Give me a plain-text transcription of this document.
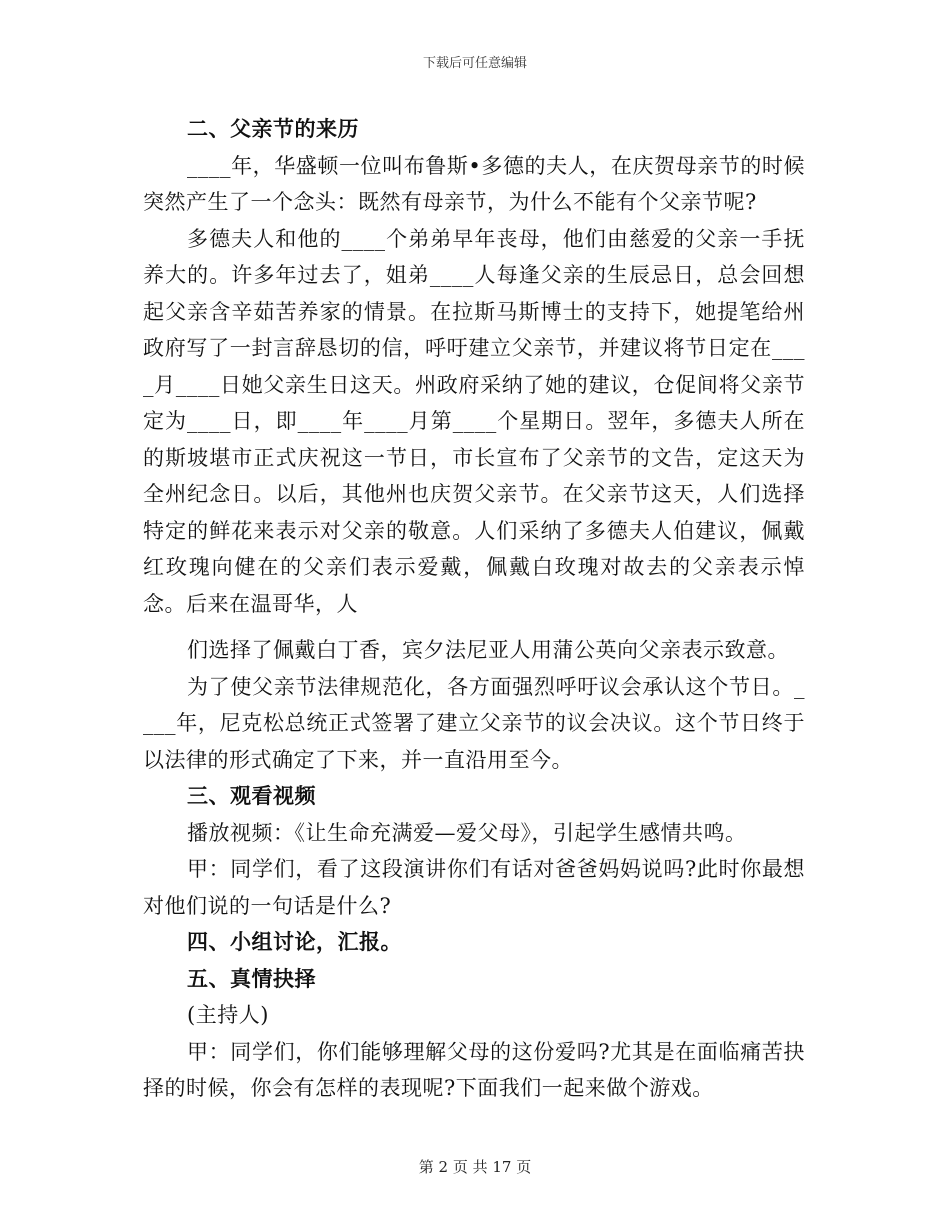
下载后可任意编辑

二、父亲节的来历

____年，华盛顿一位叫布鲁斯•多德的夫人，在庆贺母亲节的时候突然产生了一个念头：既然有母亲节，为什么不能有个父亲节呢?

多德夫人和他的____个弟弟早年丧母，他们由慈爱的父亲一手抚养大的。许多年过去了，姐弟____人每逢父亲的生辰忌日，总会回想起父亲含辛茹苦养家的情景。在拉斯马斯博士的支持下，她提笔给州政府写了一封言辞恳切的信，呼吁建立父亲节，并建议将节日定在____月____日她父亲生日这天。州政府采纳了她的建议，仓促间将父亲节定为____日，即____年____月第____个星期日。翌年，多德夫人所在的斯坡堪市正式庆祝这一节日，市长宣布了父亲节的文告，定这天为全州纪念日。以后，其他州也庆贺父亲节。在父亲节这天，人们选择特定的鲜花来表示对父亲的敬意。人们采纳了多德夫人伯建议，佩戴红玫瑰向健在的父亲们表示爱戴，佩戴白玫瑰对故去的父亲表示悼念。后来在温哥华，人

们选择了佩戴白丁香，宾夕法尼亚人用蒲公英向父亲表示致意。

为了使父亲节法律规范化，各方面强烈呼吁议会承认这个节日。____年，尼克松总统正式签署了建立父亲节的议会决议。这个节日终于以法律的形式确定了下来，并一直沿用至今。

三、观看视频

播放视频：《让生命充满爱—爱父母》，引起学生感情共鸣。

甲：同学们，看了这段演讲你们有话对爸爸妈妈说吗?此时你最想对他们说的一句话是什么?

四、小组讨论，汇报。

五、真情抉择

(主持人)

甲：同学们，你们能够理解父母的这份爱吗?尤其是在面临痛苦抉择的时候，你会有怎样的表现呢?下面我们一起来做个游戏。

第 2 页 共 17 页
